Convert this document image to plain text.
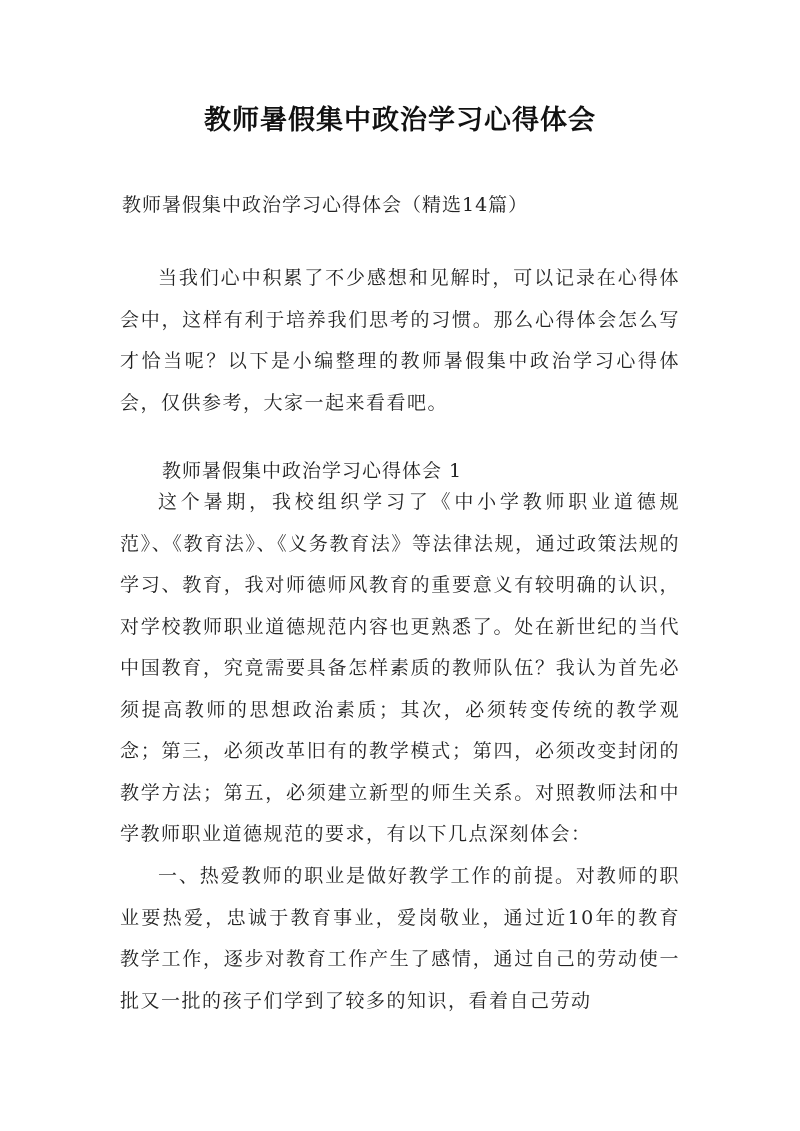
教师暑假集中政治学习心得体会
教师暑假集中政治学习心得体会（精选14篇）

当我们心中积累了不少感想和见解时，可以记录在心得体会中，这样有利于培养我们思考的习惯。那么心得体会怎么写才恰当呢？以下是小编整理的教师暑假集中政治学习心得体会，仅供参考，大家一起来看看吧。

教师暑假集中政治学习心得体会 1

这个暑期，我校组织学习了《中小学教师职业道德规范》、《教育法》、《义务教育法》等法律法规，通过政策法规的学习、教育，我对师德师风教育的重要意义有较明确的认识，对学校教师职业道德规范内容也更熟悉了。处在新世纪的当代中国教育，究竟需要具备怎样素质的教师队伍？我认为首先必须提高教师的思想政治素质；其次，必须转变传统的教学观念；第三，必须改革旧有的教学模式；第四，必须改变封闭的教学方法；第五，必须建立新型的师生关系。对照教师法和中学教师职业道德规范的要求，有以下几点深刻体会：

一、热爱教师的职业是做好教学工作的前提。对教师的职业要热爱，忠诚于教育事业，爱岗敬业，通过近10年的教育教学工作，逐步对教育工作产生了感情，通过自己的劳动使一批又一批的孩子们学到了较多的知识，看着自己劳动
